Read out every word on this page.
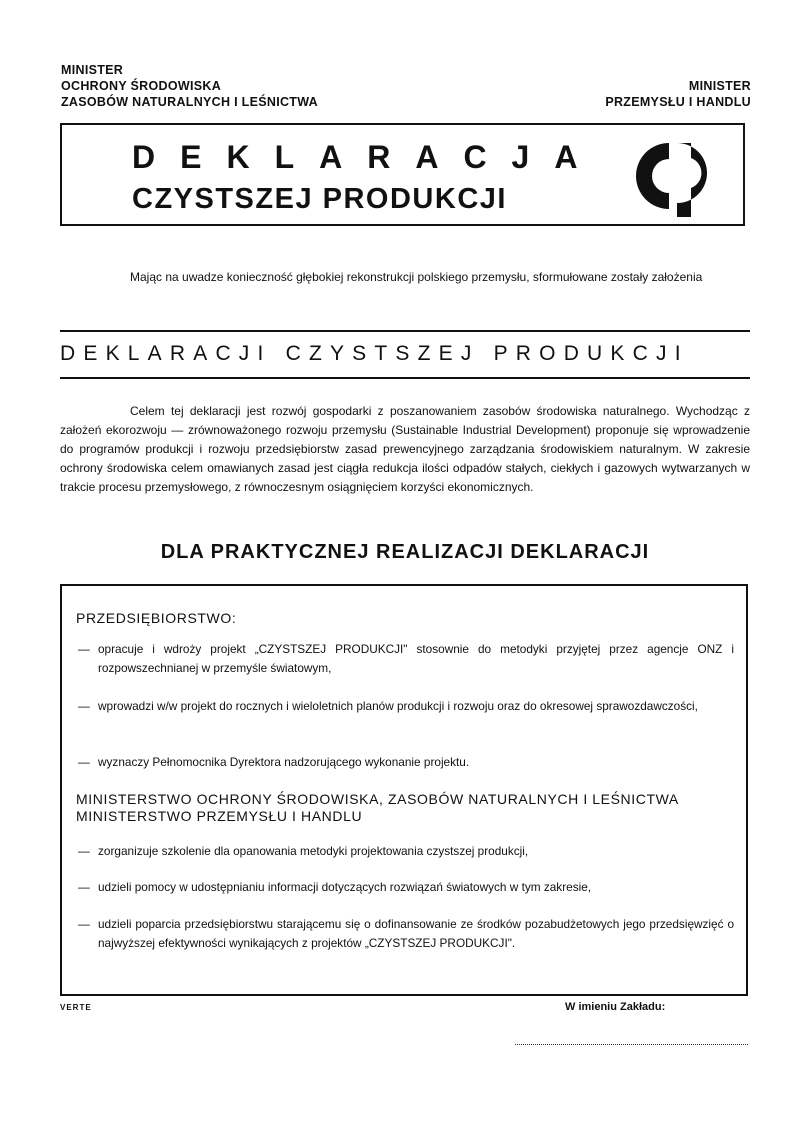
MINISTER
OCHRONY ŚRODOWISKA
ZASOBÓW NATURALNYCH I LEŚNICTWA
MINISTER
PRZEMYSŁU I HANDLU
DEKLARACJA
CZYSTSZEJ PRODUKCJI
Mając na uwadze konieczność głębokiej rekonstrukcji polskiego przemysłu, sformułowane zostały założenia
DEKLARACJI CZYSTSZEJ PRODUKCJI
Celem tej deklaracji jest rozwój gospodarki z poszanowaniem zasobów środowiska naturalnego. Wychodząc z założeń ekorozwoju — zrównoważonego rozwoju przemysłu (Sustainable Industrial Development) proponuje się wprowadzenie do programów produkcji i rozwoju przedsiębiorstw zasad prewencyjnego zarządzania środowiskiem naturalnym. W zakresie ochrony środowiska celem omawianych zasad jest ciągła redukcja ilości odpadów stałych, ciekłych i gazowych wytwarzanych w trakcie procesu przemysłowego, z równoczesnym osiągnięciem korzyści ekonomicznych.
DLA PRAKTYCZNEJ REALIZACJI DEKLARACJI
PRZEDSIĘBIORSTWO:
— opracuje i wdroży projekt „CZYSTSZEJ PRODUKCJI" stosownie do metodyki przyjętej przez agencje ONZ i rozpowszechnianej w przemyśle światowym,
— wprowadzi w/w projekt do rocznych i wieloletnich planów produkcji i rozwoju oraz do okresowej sprawozdawczości,
— wyznaczy Pełnomocnika Dyrektora nadzorującego wykonanie projektu.
MINISTERSTWO OCHRONY ŚRODOWISKA, ZASOBÓW NATURALNYCH I LEŚNICTWA
MINISTERSTWO PRZEMYSŁU I HANDLU
— zorganizuje szkolenie dla opanowania metodyki projektowania czystszej produkcji,
— udzieli pomocy w udostępnianiu informacji dotyczących rozwiązań światowych w tym zakresie,
— udzieli poparcia przedsiębiorstwu starającemu się o dofinansowanie ze środków pozabudżetowych jego przedsięwzięć o najwyższej efektywności wynikających z projektów „CZYSTSZEJ PRODUKCJI".
VERTE	W imieniu Zakładu:
